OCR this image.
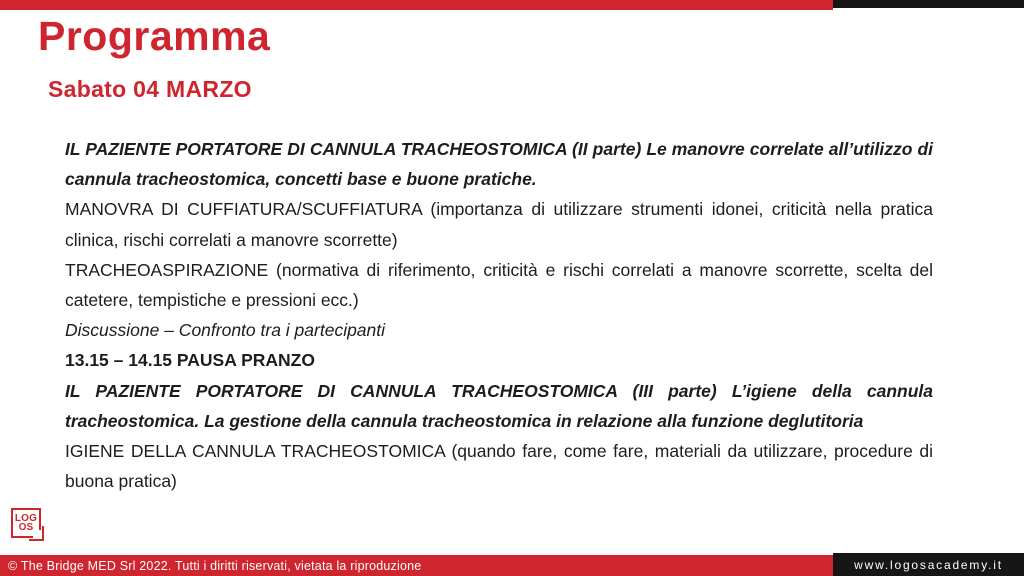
Programma
Sabato 04 MARZO

IL PAZIENTE PORTATORE DI CANNULA TRACHEOSTOMICA (II parte) Le manovre correlate all’utilizzo di cannula tracheostomica, concetti base e buone pratiche.

MANOVRA DI CUFFIATURA/SCUFFIATURA (importanza di utilizzare strumenti idonei, criticità nella pratica clinica, rischi correlati a manovre scorrette)

TRACHEOASPIRAZIONE (normativa di riferimento, criticità e rischi correlati a manovre scorrette, scelta del catetere, tempistiche e pressioni ecc.)

Discussione – Confronto tra i partecipanti

13.15 – 14.15 PAUSA PRANZO

IL PAZIENTE PORTATORE DI CANNULA TRACHEOSTOMICA (III parte) L’igiene della cannula tracheostomica. La gestione della cannula tracheostomica in relazione alla funzione deglutitoria

IGIENE DELLA CANNULA TRACHEOSTOMICA (quando fare, come fare, materiali da utilizzare, procedure di buona pratica)

LOG
OS
© The Bridge MED Srl 2022. Tutti i diritti riservati, vietata la riproduzione	www.logosacademy.it
